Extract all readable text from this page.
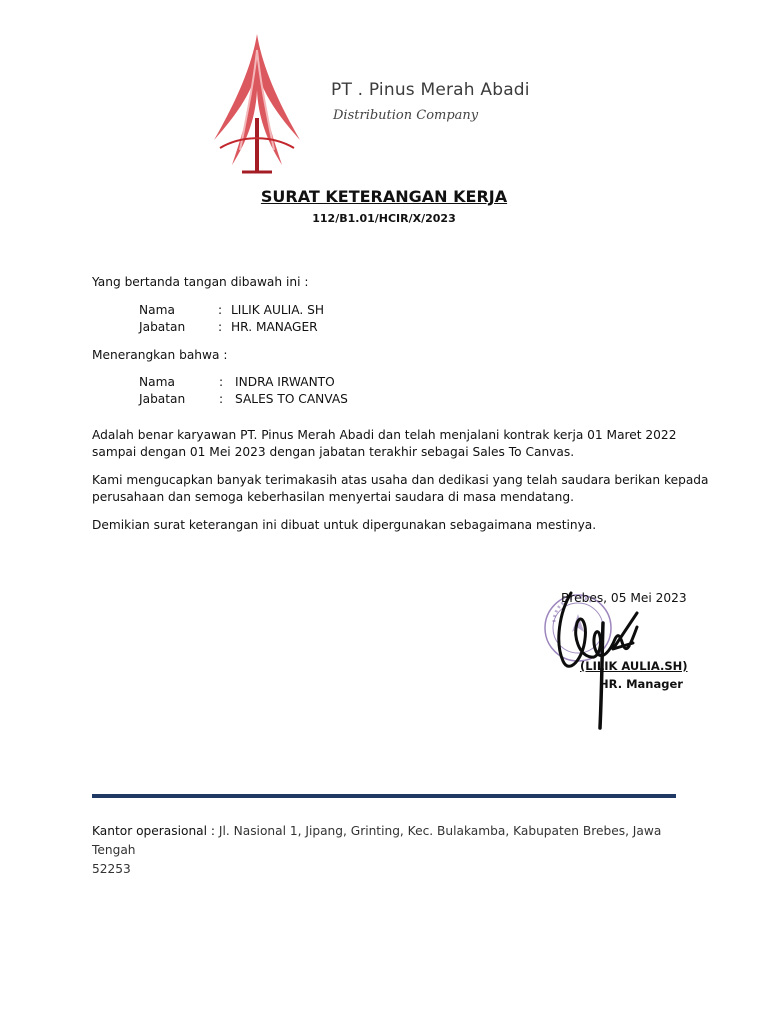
PT . Pinus Merah Abadi
Distribution Company
SURAT KETERANGAN KERJA
112/B1.01/HCIR/X/2023
Yang bertanda tangan dibawah ini :
Nama	: LILIK AULIA. SH
Jabatan	: HR. MANAGER
Menerangkan bahwa :
Nama	: INDRA IRWANTO
Jabatan	: SALES TO CANVAS
Adalah benar karyawan PT. Pinus Merah Abadi dan telah menjalani kontrak kerja 01 Maret 2022
sampai dengan 01 Mei 2023 dengan jabatan terakhir sebagai Sales To Canvas.
Kami mengucapkan banyak terimakasih atas usaha dan dedikasi yang telah saudara berikan kepada
perusahaan dan semoga keberhasilan menyertai saudara di masa mendatang.
Demikian surat keterangan ini dibuat untuk dipergunakan sebagaimana mestinya.
Brebes, 05 Mei 2023
(LILIK AULIA.SH)
HR. Manager
Kantor operasional : Jl. Nasional 1, Jipang, Grinting, Kec. Bulakamba, Kabupaten Brebes, Jawa Tengah
52253
